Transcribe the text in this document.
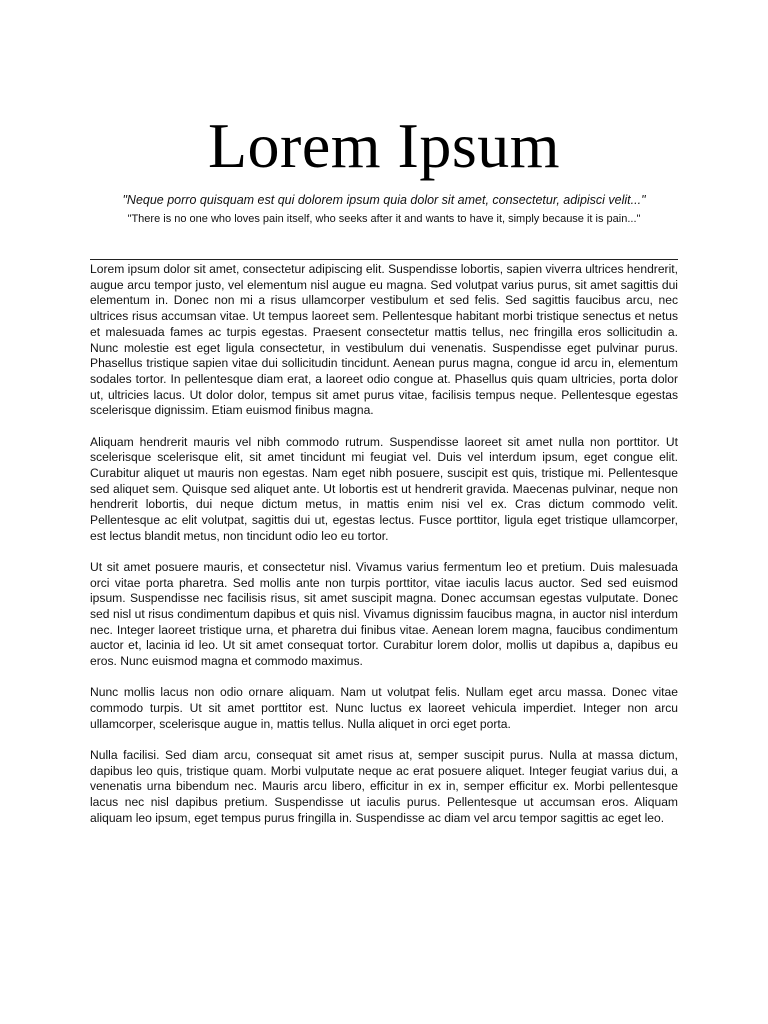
Lorem Ipsum
"Neque porro quisquam est qui dolorem ipsum quia dolor sit amet, consectetur, adipisci velit..."
"There is no one who loves pain itself, who seeks after it and wants to have it, simply because it is pain..."

Lorem ipsum dolor sit amet, consectetur adipiscing elit. Suspendisse lobortis, sapien viverra ultrices hendrerit, augue arcu tempor justo, vel elementum nisl augue eu magna. Sed volutpat varius purus, sit amet sagittis dui elementum in. Donec non mi a risus ullamcorper vestibulum et sed felis. Sed sagittis faucibus arcu, nec ultrices risus accumsan vitae. Ut tempus laoreet sem. Pellentesque habitant morbi tristique senectus et netus et malesuada fames ac turpis egestas. Praesent consectetur mattis tellus, nec fringilla eros sollicitudin a. Nunc molestie est eget ligula consectetur, in vestibulum dui venenatis. Suspendisse eget pulvinar purus. Phasellus tristique sapien vitae dui sollicitudin tincidunt. Aenean purus magna, congue id arcu in, elementum sodales tortor. In pellentesque diam erat, a laoreet odio congue at. Phasellus quis quam ultricies, porta dolor ut, ultricies lacus. Ut dolor dolor, tempus sit amet purus vitae, facilisis tempus neque. Pellentesque egestas scelerisque dignissim. Etiam euismod finibus magna.

Aliquam hendrerit mauris vel nibh commodo rutrum. Suspendisse laoreet sit amet nulla non porttitor. Ut scelerisque scelerisque elit, sit amet tincidunt mi feugiat vel. Duis vel interdum ipsum, eget congue elit. Curabitur aliquet ut mauris non egestas. Nam eget nibh posuere, suscipit est quis, tristique mi. Pellentesque sed aliquet sem. Quisque sed aliquet ante. Ut lobortis est ut hendrerit gravida. Maecenas pulvinar, neque non hendrerit lobortis, dui neque dictum metus, in mattis enim nisi vel ex. Cras dictum commodo velit. Pellentesque ac elit volutpat, sagittis dui ut, egestas lectus. Fusce porttitor, ligula eget tristique ullamcorper, est lectus blandit metus, non tincidunt odio leo eu tortor.

Ut sit amet posuere mauris, et consectetur nisl. Vivamus varius fermentum leo et pretium. Duis malesuada orci vitae porta pharetra. Sed mollis ante non turpis porttitor, vitae iaculis lacus auctor. Sed sed euismod ipsum. Suspendisse nec facilisis risus, sit amet suscipit magna. Donec accumsan egestas vulputate. Donec sed nisl ut risus condimentum dapibus et quis nisl. Vivamus dignissim faucibus magna, in auctor nisl interdum nec. Integer laoreet tristique urna, et pharetra dui finibus vitae. Aenean lorem magna, faucibus condimentum auctor et, lacinia id leo. Ut sit amet consequat tortor. Curabitur lorem dolor, mollis ut dapibus a, dapibus eu eros. Nunc euismod magna et commodo maximus.

Nunc mollis lacus non odio ornare aliquam. Nam ut volutpat felis. Nullam eget arcu massa. Donec vitae commodo turpis. Ut sit amet porttitor est. Nunc luctus ex laoreet vehicula imperdiet. Integer non arcu ullamcorper, scelerisque augue in, mattis tellus. Nulla aliquet in orci eget porta.

Nulla facilisi. Sed diam arcu, consequat sit amet risus at, semper suscipit purus. Nulla at massa dictum, dapibus leo quis, tristique quam. Morbi vulputate neque ac erat posuere aliquet. Integer feugiat varius dui, a venenatis urna bibendum nec. Mauris arcu libero, efficitur in ex in, semper efficitur ex. Morbi pellentesque lacus nec nisl dapibus pretium. Suspendisse ut iaculis purus. Pellentesque ut accumsan eros. Aliquam aliquam leo ipsum, eget tempus purus fringilla in. Suspendisse ac diam vel arcu tempor sagittis ac eget leo.
